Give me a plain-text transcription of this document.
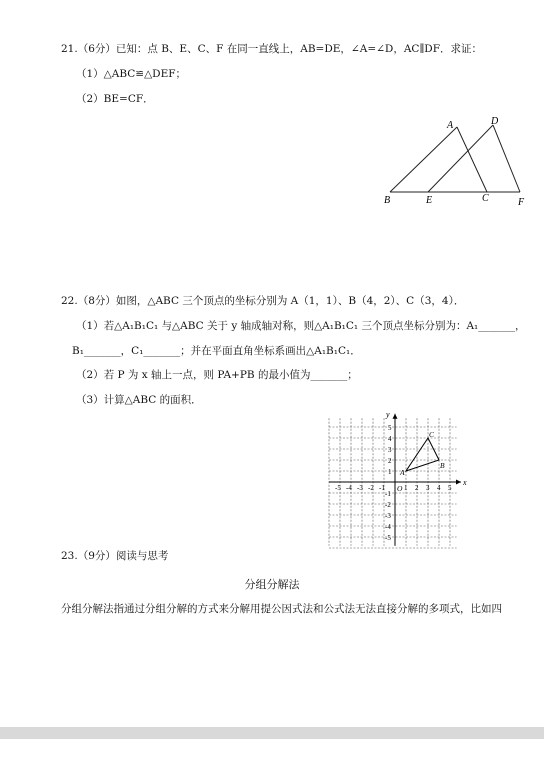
21.（6分）已知：点 B、E、C、F 在同一直线上，AB=DE，∠A=∠D，AC∥DF．求证：
（1）△ABC≌△DEF；
（2）BE=CF．
A	D
B	E	C	F
22.（8分）如图，△ABC 三个顶点的坐标分别为 A（1，1）、B（4，2）、C（3，4）．
（1）若△A₁B₁C₁ 与△ABC 关于 y 轴成轴对称，则△A₁B₁C₁ 三个顶点坐标分别为：A₁_______，
B₁_______，C₁_______；并在平面直角坐标系画出△A₁B₁C₁．
（2）若 P 为 x 轴上一点，则 PA+PB 的最小值为_______；
（3）计算△ABC 的面积．
x
y
O
-5 -4 -3 -2 -1	1 2 3 4 5
5
4
3
2
1
-1
-2
-3
-4
-5
A
B
C
23.（9分）阅读与思考
分组分解法
分组分解法指通过分组分解的方式来分解用提公因式法和公式法无法直接分解的多项式，比如四
